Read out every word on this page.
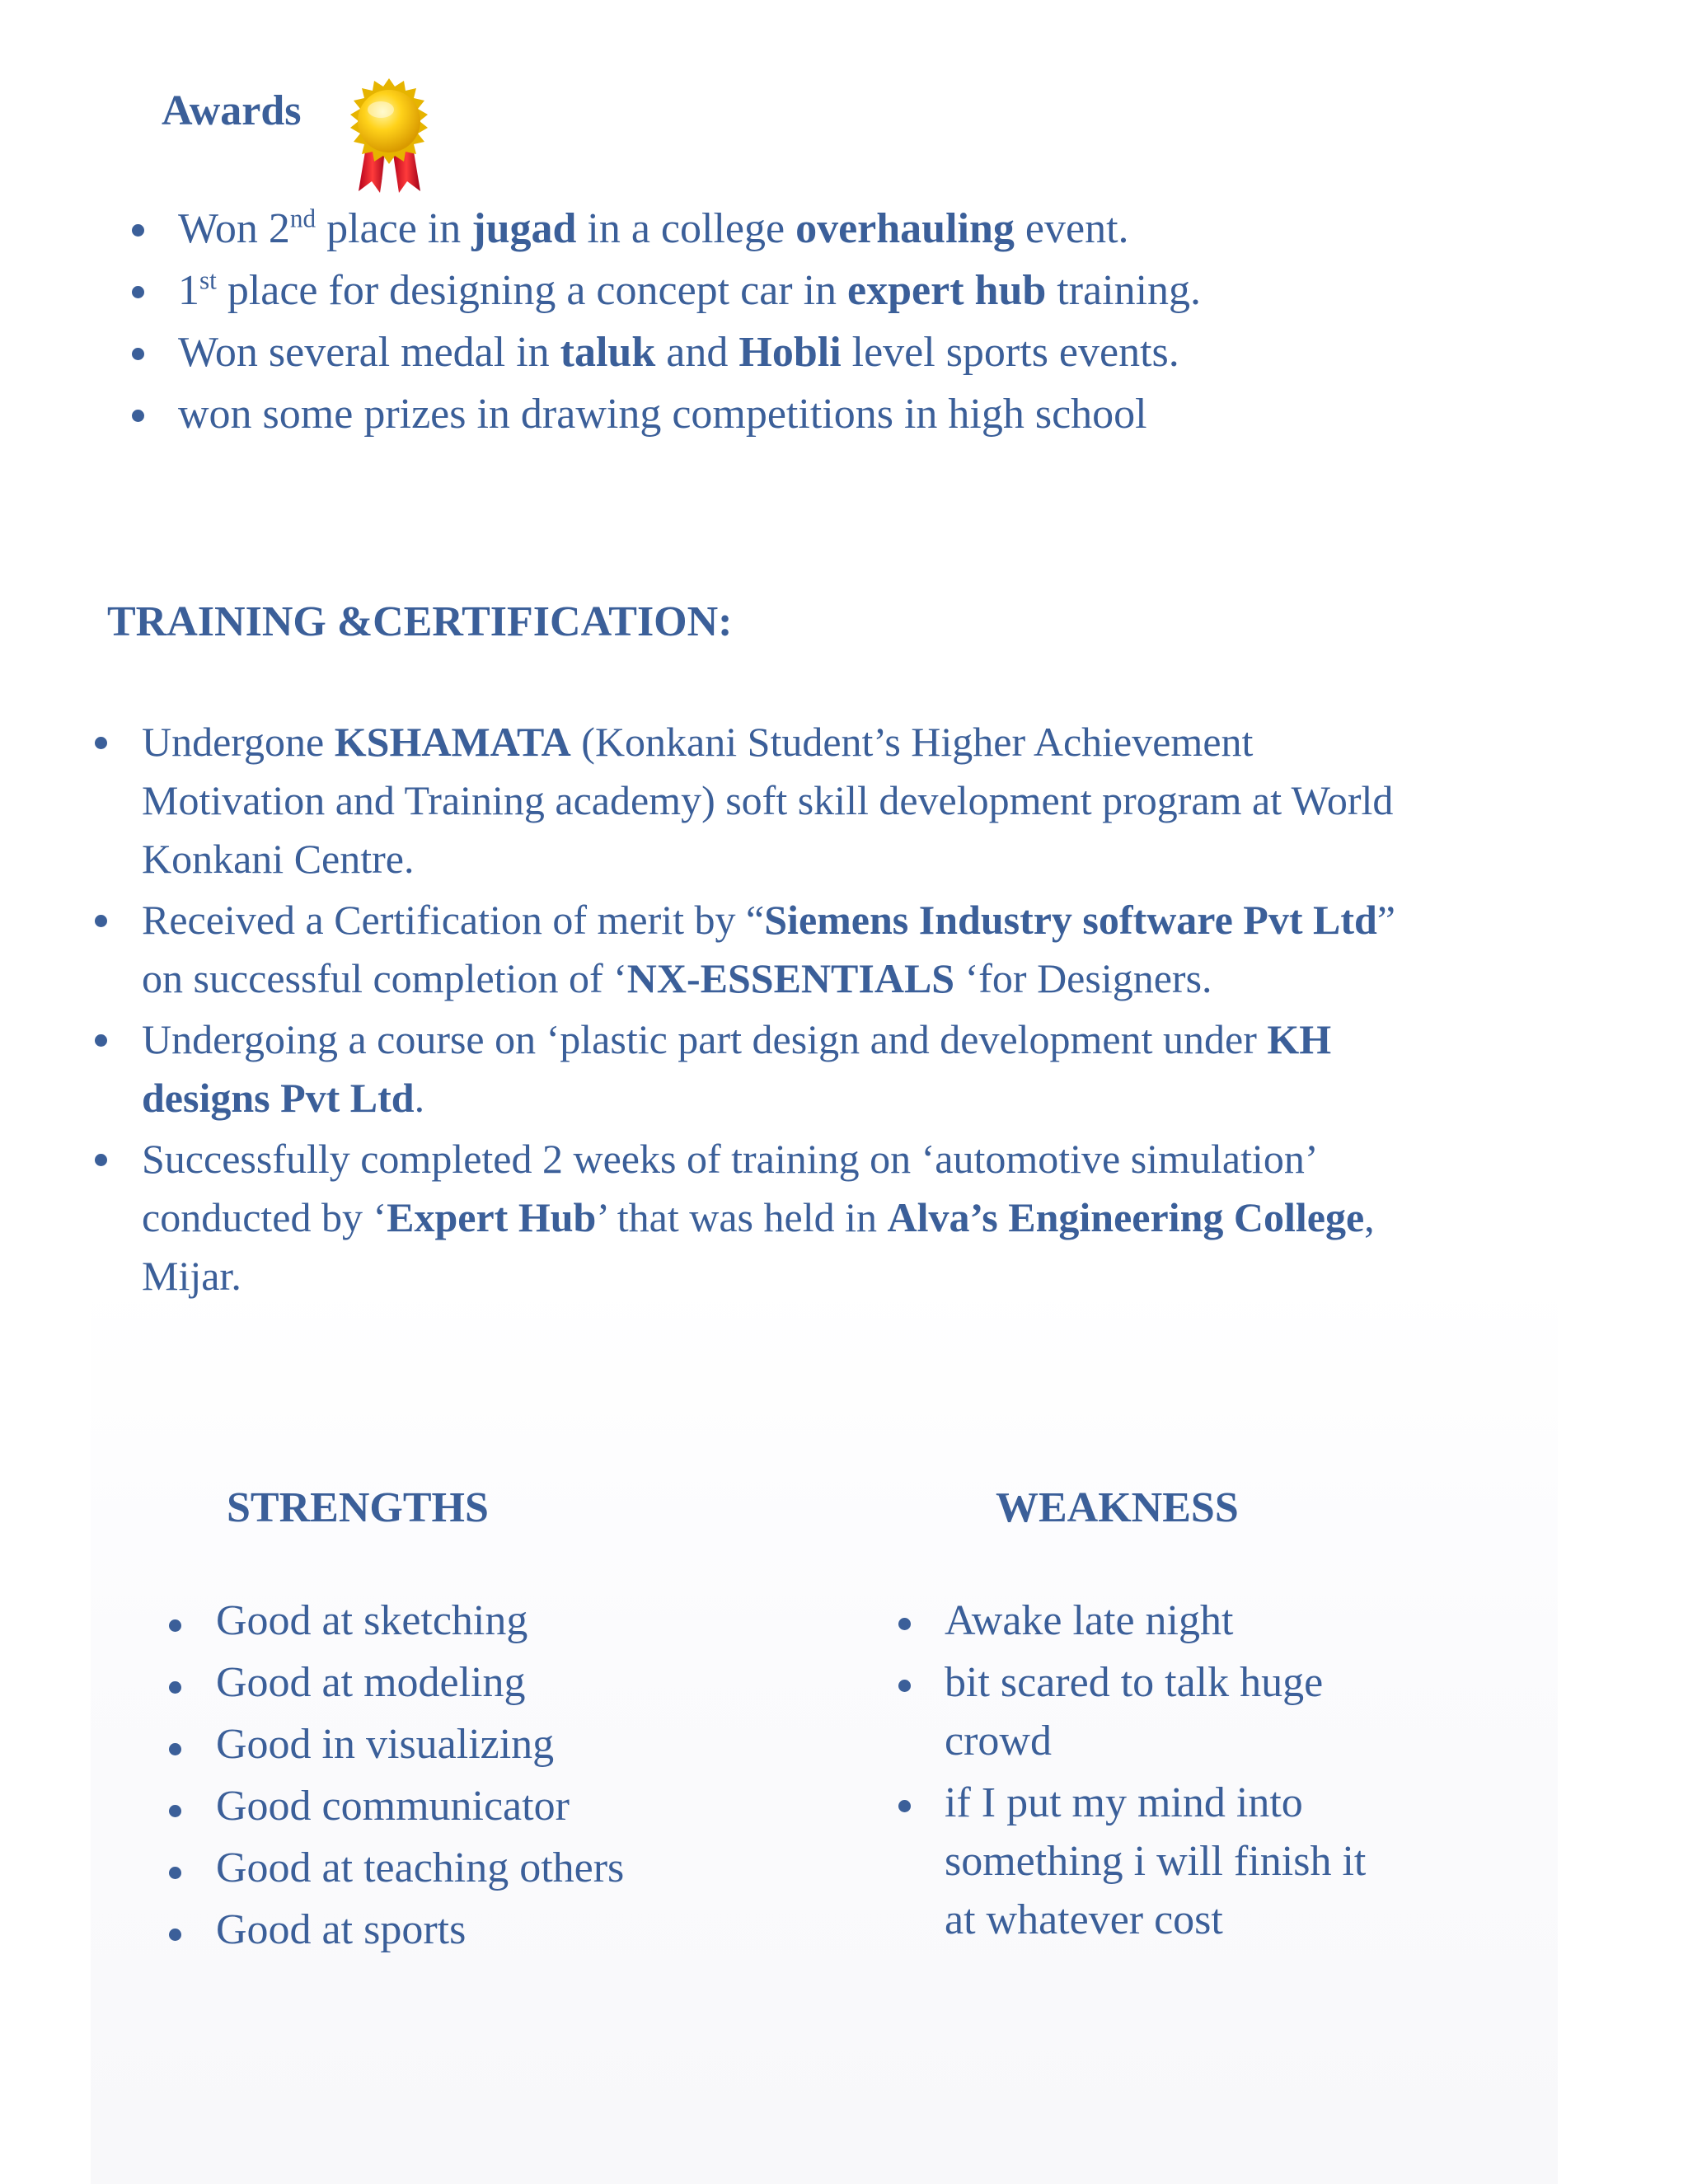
Awards
Won 2nd place in jugad in a college overhauling event.
1st place for designing a concept car in expert hub training.
Won several medal in taluk and Hobli level sports events.
won some prizes in drawing competitions in high school
TRAINING &CERTIFICATION:
Undergone KSHAMATA (Konkani Student’s Higher Achievement
Motivation and Training academy) soft skill development program at World
Konkani Centre.
Received a Certification of merit by “Siemens Industry software Pvt Ltd”
on successful completion of ‘NX-ESSENTIALS ‘for Designers.
Undergoing a course on ‘plastic part design and development under KH
designs Pvt Ltd.
Successfully completed 2 weeks of training on ‘automotive simulation’
conducted by ‘Expert Hub’ that was held in Alva’s Engineering College,
Mijar.
STRENGTHS
Good at sketching
Good at modeling
Good in visualizing
Good communicator
Good at teaching others
Good at sports
WEAKNESS
Awake late night
bit scared to talk huge
crowd
if I put my mind into
something i will finish it
at whatever cost
